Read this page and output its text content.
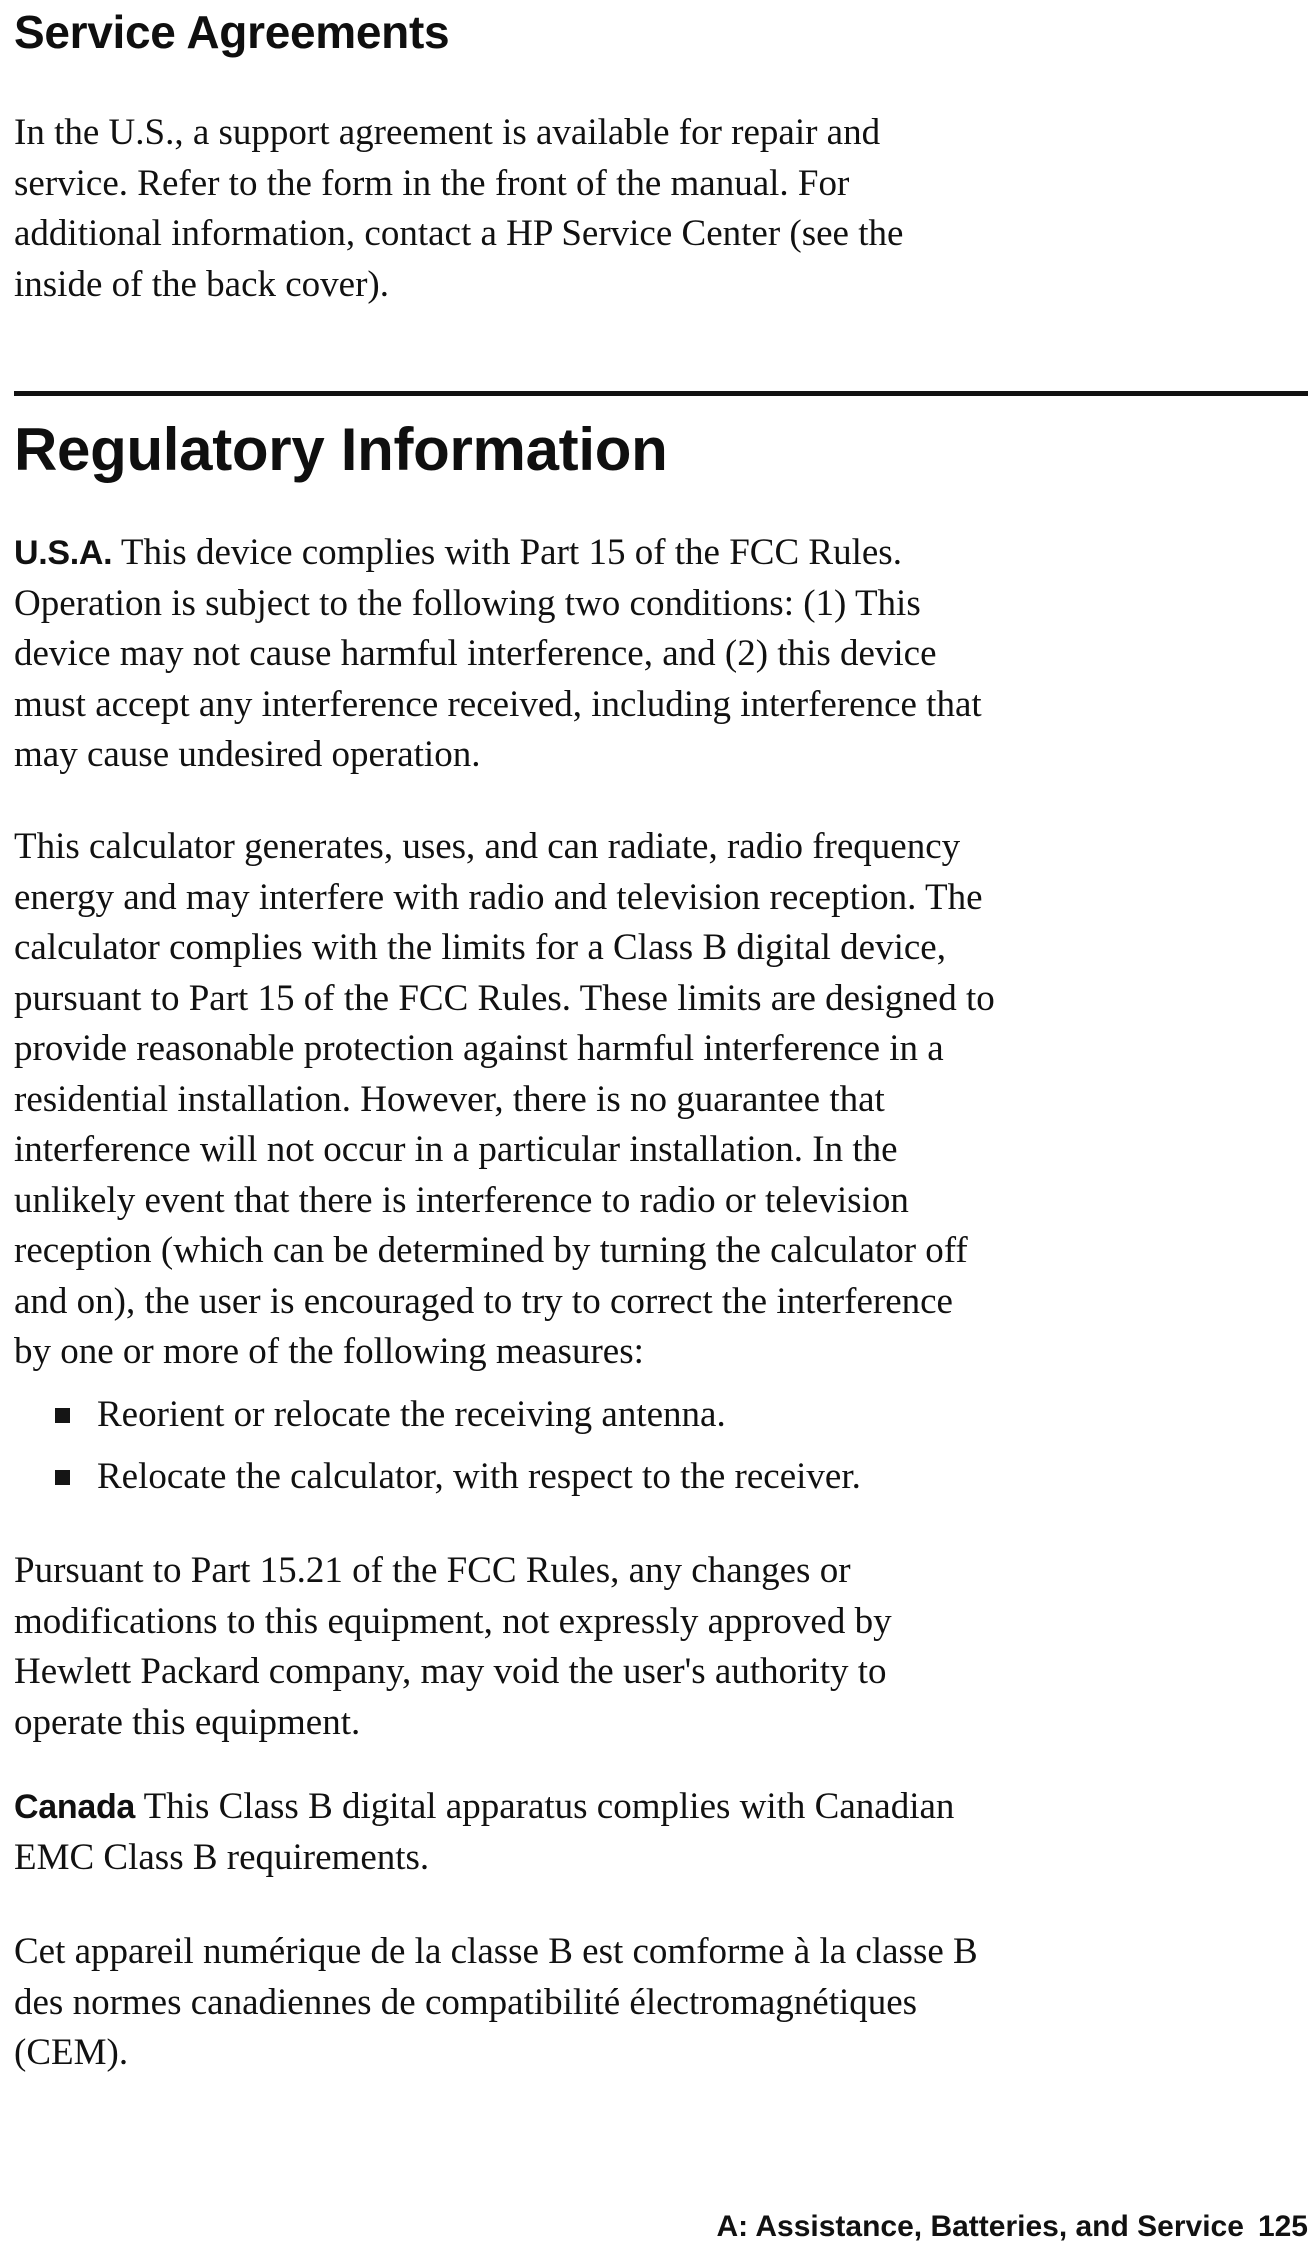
Service Agreements

In the U.S., a support agreement is available for repair and
service. Refer to the form in the front of the manual. For
additional information, contact a HP Service Center (see the
inside of the back cover).

Regulatory Information

U.S.A. This device complies with Part 15 of the FCC Rules.
Operation is subject to the following two conditions: (1) This
device may not cause harmful interference, and (2) this device
must accept any interference received, including interference that
may cause undesired operation.

This calculator generates, uses, and can radiate, radio frequency
energy and may interfere with radio and television reception. The
calculator complies with the limits for a Class B digital device,
pursuant to Part 15 of the FCC Rules. These limits are designed to
provide reasonable protection against harmful interference in a
residential installation. However, there is no guarantee that
interference will not occur in a particular installation. In the
unlikely event that there is interference to radio or television
reception (which can be determined by turning the calculator off
and on), the user is encouraged to try to correct the interference
by one or more of the following measures:

Reorient or relocate the receiving antenna.
Relocate the calculator, with respect to the receiver.

Pursuant to Part 15.21 of the FCC Rules, any changes or
modifications to this equipment, not expressly approved by
Hewlett Packard company, may void the user's authority to
operate this equipment.

Canada This Class B digital apparatus complies with Canadian
EMC Class B requirements.

Cet appareil numérique de la classe B est comforme à la classe B
des normes canadiennes de compatibilité électromagnétiques
(CEM).

A: Assistance, Batteries, and Service 125
